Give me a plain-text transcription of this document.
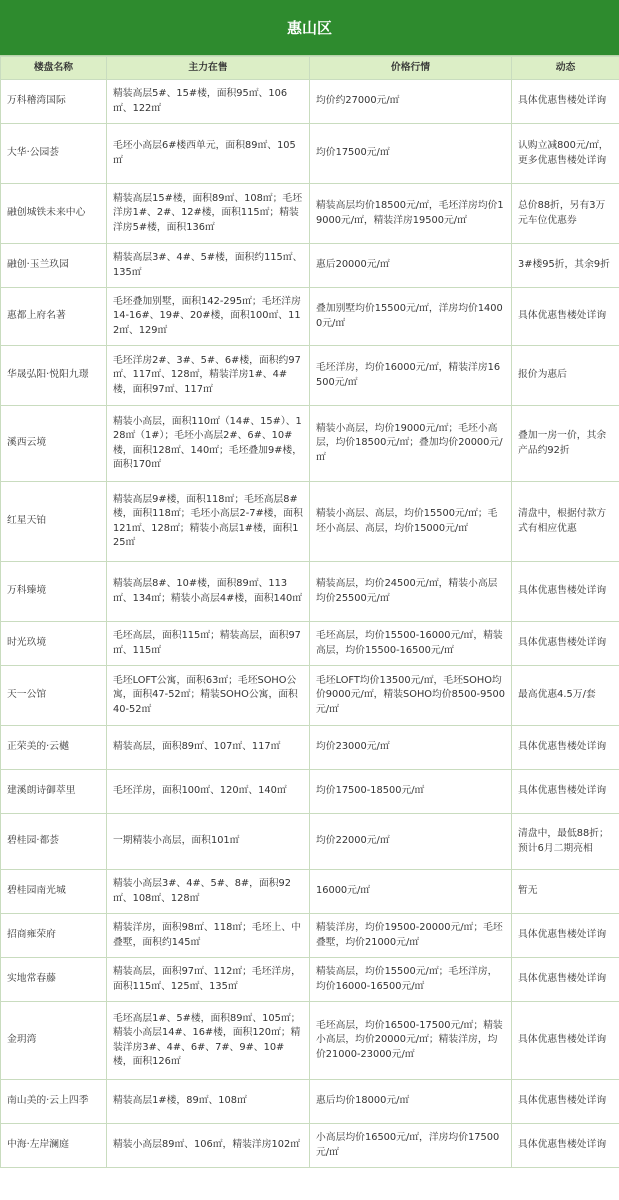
惠山区
楼盘名称	主力在售	价格行情	动态
万科稽湾国际	精装高层5#、15#楼，面积95㎡、106㎡、122㎡	均价约27000元/㎡	具体优惠售楼处详询
大华·公园荟	毛坯小高层6#楼西单元，面积89㎡、105㎡	均价17500元/㎡	认购立减800元/㎡，更多优惠售楼处详询
融创城铁未来中心	精装高层15#楼，面积89㎡、108㎡；毛坯洋房1#、2#、12#楼，面积115㎡；精装洋房5#楼，面积136㎡	精装高层均价18500元/㎡，毛坯洋房均价19000元/㎡，精装洋房19500元/㎡	总价88折，另有3万元车位优惠券
融创·玉兰玖园	精装高层3#、4#、5#楼，面积约115㎡、135㎡	惠后20000元/㎡	3#楼95折，其余9折
惠都上府名著	毛坯叠加别墅，面积142-295㎡；毛坯洋房14-16#、19#、20#楼，面积100㎡、112㎡、129㎡	叠加别墅均价15500元/㎡，洋房均价14000元/㎡	具体优惠售楼处详询
华晟弘阳·悦阳九璟	毛坯洋房2#、3#、5#、6#楼，面积约97㎡、117㎡、128㎡，精装洋房1#、4#楼，面积97㎡、117㎡	毛坯洋房，均价16000元/㎡，精装洋房16500元/㎡	报价为惠后
溪西云境	精装小高层，面积110㎡（14#、15#）、128㎡（1#）；毛坯小高层2#、6#、10#楼，面积128㎡、140㎡；毛坯叠加9#楼，面积170㎡	精装小高层，均价19000元/㎡；毛坯小高层，均价18500元/㎡；叠加均价20000元/㎡	叠加一房一价，其余产品约92折
红星天铂	精装高层9#楼，面积118㎡；毛坯高层8#楼，面积118㎡；毛坯小高层2-7#楼，面积121㎡、128㎡；精装小高层1#楼，面积125㎡	精装小高层、高层，均价15500元/㎡；毛坯小高层、高层，均价15000元/㎡	清盘中，根据付款方式有相应优惠
万科臻境	精装高层8#、10#楼，面积89㎡、113㎡、134㎡；精装小高层4#楼，面积140㎡	精装高层，均价24500元/㎡，精装小高层均价25500元/㎡	具体优惠售楼处详询
时光玖境	毛坯高层，面积115㎡；精装高层，面积97㎡、115㎡	毛坯高层，均价15500-16000元/㎡，精装高层，均价15500-16500元/㎡	具体优惠售楼处详询
天一公馆	毛坯LOFT公寓，面积63㎡；毛坯SOHO公寓，面积47-52㎡；精装SOHO公寓，面积40-52㎡	毛坯LOFT均价13500元/㎡，毛坯SOHO均价9000元/㎡，精装SOHO均价8500-9500元/㎡	最高优惠4.5万/套
正荣美的·云樾	精装高层，面积89㎡、107㎡、117㎡	均价23000元/㎡	具体优惠售楼处详询
建溪朗诗御萃里	毛坯洋房，面积100㎡、120㎡、140㎡	均价17500-18500元/㎡	具体优惠售楼处详询
碧桂园·都荟	一期精装小高层，面积101㎡	均价22000元/㎡	清盘中，最低88折；预计6月二期亮相
碧桂园南光城	精装小高层3#、4#、5#、8#，面积92㎡、108㎡、128㎡	16000元/㎡	暂无
招商雍荣府	精装洋房，面积98㎡、118㎡；毛坯上、中叠墅，面积约145㎡	精装洋房，均价19500-20000元/㎡；毛坯叠墅，均价21000元/㎡	具体优惠售楼处详询
实地常春藤	精装高层，面积97㎡、112㎡；毛坯洋房，面积115㎡、125㎡、135㎡	精装高层，均价15500元/㎡；毛坯洋房，均价16000-16500元/㎡	具体优惠售楼处详询
金玥湾	毛坯高层1#、5#楼，面积89㎡、105㎡；精装小高层14#、16#楼，面积120㎡；精装洋房3#、4#、6#、7#、9#、10#楼，面积126㎡	毛坯高层，均价16500-17500元/㎡；精装小高层，均价20000元/㎡；精装洋房，均价21000-23000元/㎡	具体优惠售楼处详询
南山美的·云上四季	精装高层1#楼，89㎡、108㎡	惠后均价18000元/㎡	具体优惠售楼处详询
中海·左岸澜庭	精装小高层89㎡、106㎡，精装洋房102㎡	小高层均价16500元/㎡，洋房均价17500元/㎡	具体优惠售楼处详询
